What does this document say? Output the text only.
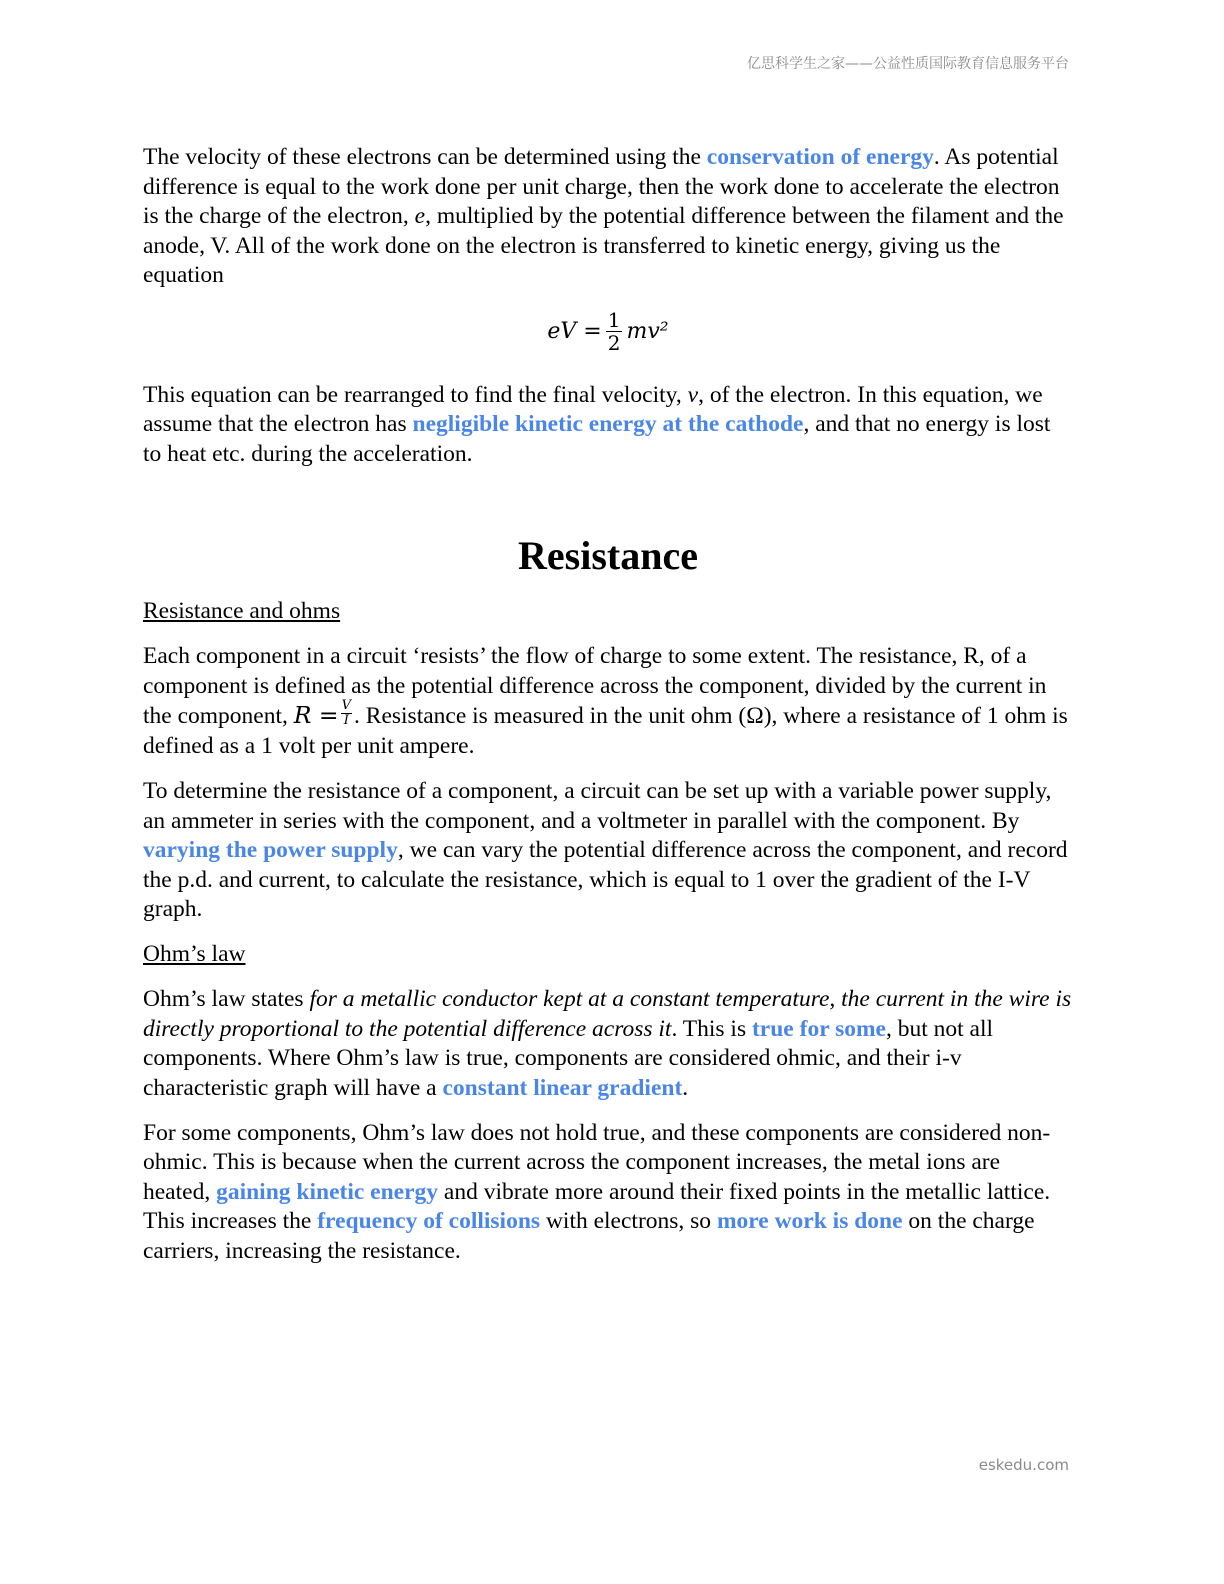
亿思科学生之家——公益性质国际教育信息服务平台

The velocity of these electrons can be determined using the conservation of energy. As potential difference is equal to the work done per unit charge, then the work done to accelerate the electron is the charge of the electron, e, multiplied by the potential difference between the filament and the anode, V. All of the work done on the electron is transferred to kinetic energy, giving us the equation

eV = $\frac{1}{2} mv^2$

This equation can be rearranged to find the final velocity, v, of the electron. In this equation, we assume that the electron has negligible kinetic energy at the cathode, and that no energy is lost to heat etc. during the acceleration.

Resistance

Resistance and ohms

Each component in a circuit ‘resists’ the flow of charge to some extent. The resistance, R, of a component is defined as the potential difference across the component, divided by the current in the component, $R = \frac{V}{I}$ . Resistance is measured in the unit ohm (Ω), where a resistance of 1 ohm is defined as a 1 volt per unit ampere.

To determine the resistance of a component, a circuit can be set up with a variable power supply, an ammeter in series with the component, and a voltmeter in parallel with the component. By varying the power supply, we can vary the potential difference across the component, and record the p.d. and current, to calculate the resistance, which is equal to 1 over the gradient of the I-V graph.

Ohm’s law

Ohm’s law states for a metallic conductor kept at a constant temperature, the current in the wire is directly proportional to the potential difference across it. This is true for some, but not all components. Where Ohm’s law is true, components are considered ohmic, and their i-v characteristic graph will have a constant linear gradient.

For some components, Ohm’s law does not hold true, and these components are considered non-ohmic. This is because when the current across the component increases, the metal ions are heated, gaining kinetic energy and vibrate more around their fixed points in the metallic lattice. This increases the frequency of collisions with electrons, so more work is done on the charge carriers, increasing the resistance.

eskedu.com
